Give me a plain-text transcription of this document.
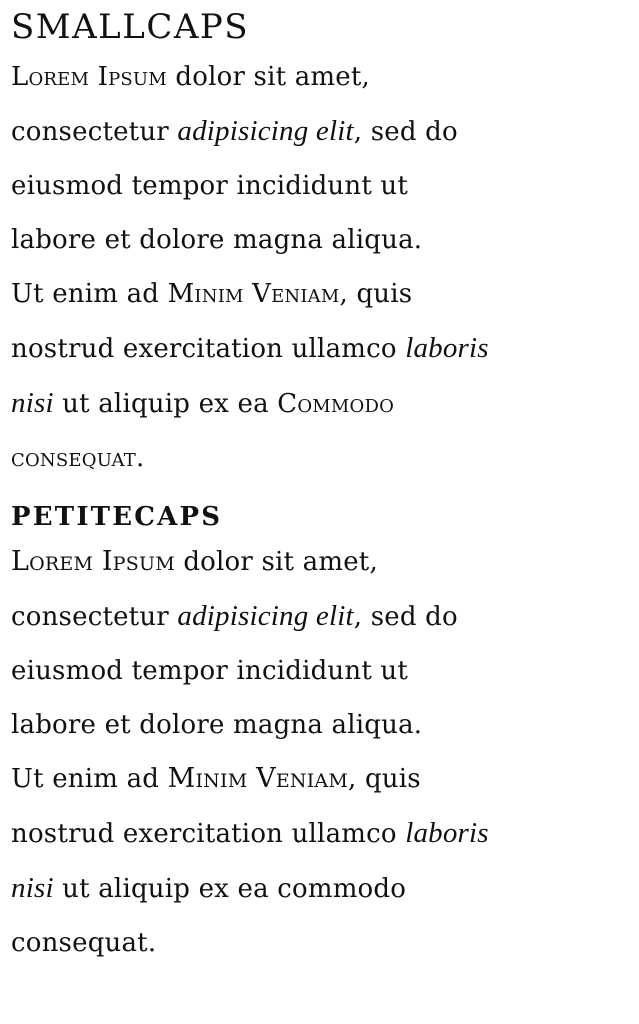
SMALLCAPS

Lorem Ipsum dolor sit amet,
consectetur adipisicing elit, sed do
eiusmod tempor incididunt ut
labore et dolore magna aliqua.
Ut enim ad Minim Veniam, quis
nostrud exercitation ullamco laboris
nisi ut aliquip ex ea Commodo
consequat.

PETITECAPS

Lorem Ipsum dolor sit amet,
consectetur adipisicing elit, sed do
eiusmod tempor incididunt ut
labore et dolore magna aliqua.
Ut enim ad Minim Veniam, quis
nostrud exercitation ullamco laboris
nisi ut aliquip ex ea commodo
consequat.
